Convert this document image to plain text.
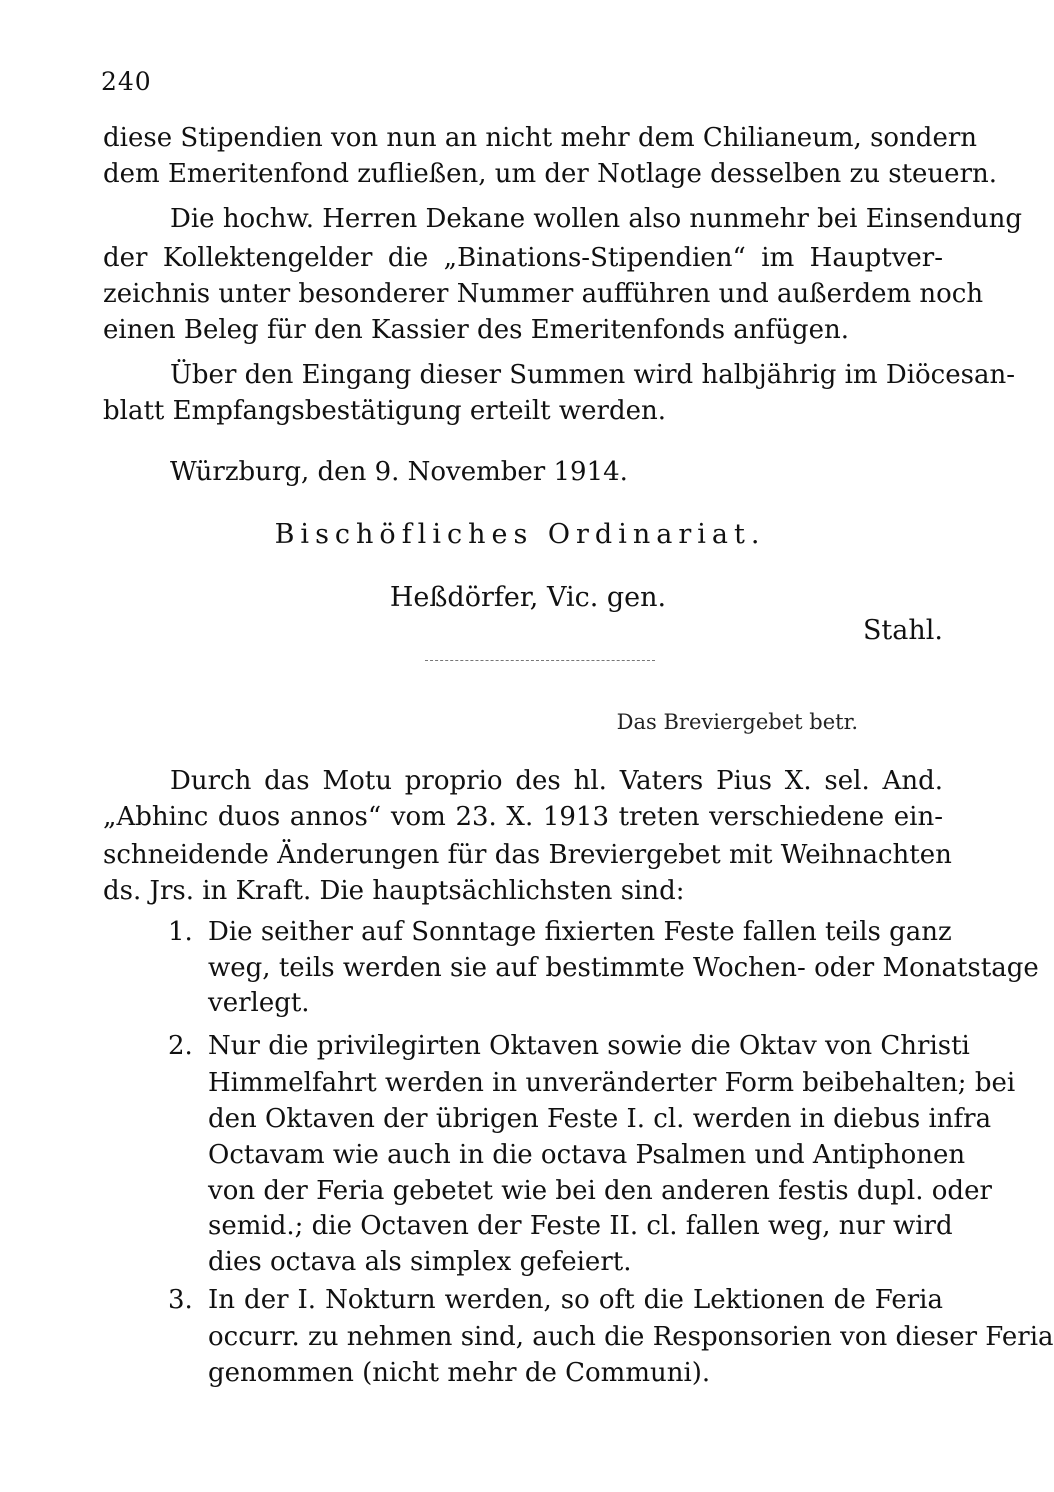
240
diese Stipendien von nun an nicht mehr dem Chilianeum, sondern
dem Emeritenfond zufließen, um der Notlage desselben zu steuern.
Die hochw. Herren Dekane wollen also nunmehr bei Einsendung
der Kollektengelder die „Binations-Stipendien“ im Hauptver-
zeichnis unter besonderer Nummer aufführen und außerdem noch
einen Beleg für den Kassier des Emeritenfonds anfügen.
Über den Eingang dieser Summen wird halbjährig im Diöcesan-
blatt Empfangsbestätigung erteilt werden.
Würzburg, den 9. November 1914.
Bischöfliches Ordinariat.
Heßdörfer, Vic. gen.
Stahl.
Das Breviergebet betr.
Durch das Motu proprio des hl. Vaters Pius X. sel. And.
„Abhinc duos annos“ vom 23. X. 1913 treten verschiedene ein-
schneidende Änderungen für das Breviergebet mit Weihnachten
ds. Jrs. in Kraft. Die hauptsächlichsten sind:
1. Die seither auf Sonntage fixierten Feste fallen teils ganz
weg, teils werden sie auf bestimmte Wochen- oder Monatstage
verlegt.
2. Nur die privilegirten Oktaven sowie die Oktav von Christi
Himmelfahrt werden in unveränderter Form beibehalten; bei
den Oktaven der übrigen Feste I. cl. werden in diebus infra
Octavam wie auch in die octava Psalmen und Antiphonen
von der Feria gebetet wie bei den anderen festis dupl. oder
semid.; die Octaven der Feste II. cl. fallen weg, nur wird
dies octava als simplex gefeiert.
3. In der I. Nokturn werden, so oft die Lektionen de Feria
occurr. zu nehmen sind, auch die Responsorien von dieser Feria
genommen (nicht mehr de Communi).
